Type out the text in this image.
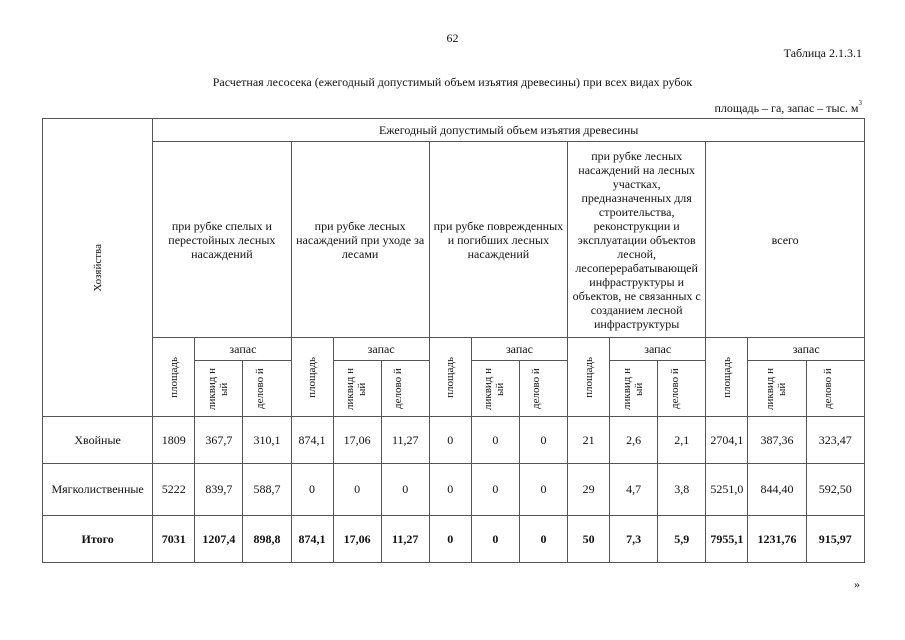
62
Таблица 2.1.3.1
Расчетная лесосека (ежегодный допустимый объем изъятия древесины) при всех видах рубок
площадь – га, запас – тыс. $м^3$
Хозяйства	Ежегодный допустимый объем изъятия древесины														

	при рубке спелых и перестойных лесных насаждений			при рубке лесных насаждений при уходе за лесами			при рубке поврежденных и погибших лесных насаждений			при рубке лесных насаждений на лесных участках, предназначенных для строительства, реконструкции и эксплуатации объектов лесной, лесоперерабатывающей инфраструктуры и объектов, не связанных с созданием лесной инфраструктуры			всего		

	площадь	запас		площадь	запас		площадь	запас		площадь	запас		площадь	запас	

		ликвид ный	делово й		ликвид ный	делово й		ликвид ный	делово й		ликвид ный	делово й		ликвид ный	делово й

Хвойные	1809	367,7	310,1	874,1	17,06	11,27	0	0	0	21	2,6	2,1	2704,1	387,36	323,47
Мягколиственные	5222	839,7	588,7	0	0	0	0	0	0	29	4,7	3,8	5251,0	844,40	592,50
Итого	7031	1207,4	898,8	874,1	17,06	11,27	0	0	0	50	7,3	5,9	7955,1	1231,76	915,97
»
